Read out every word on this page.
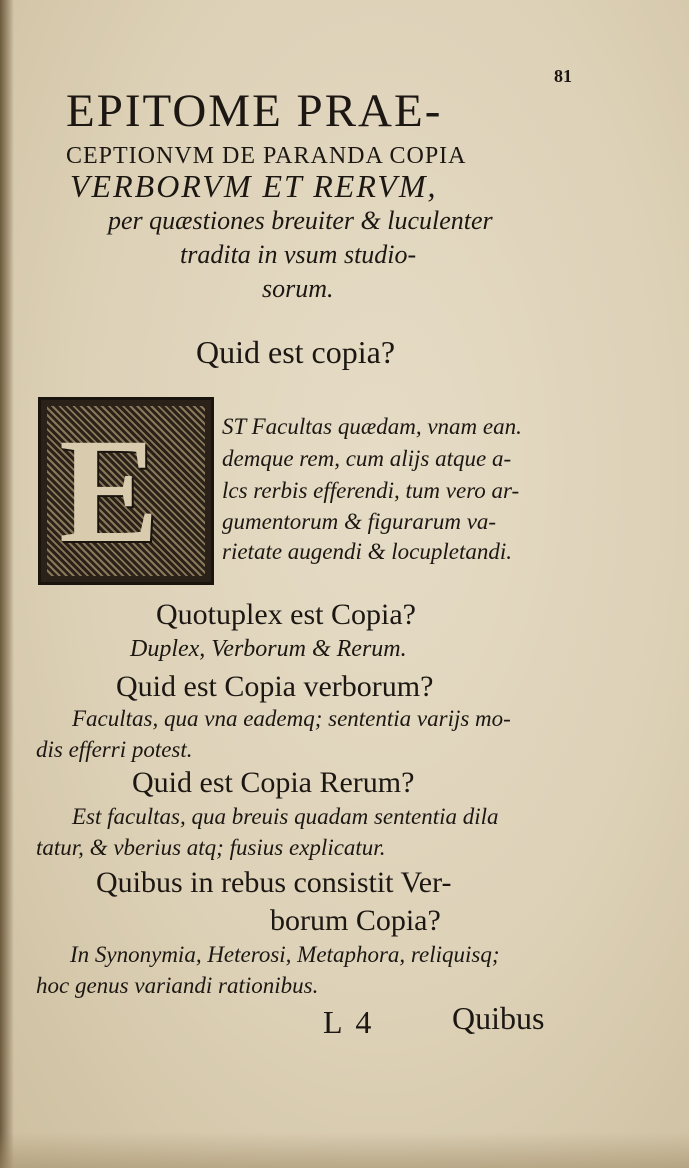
81
EPITOME PRAE-
CEPTIONVM DE PARANDA COPIA
VERBORVM ET RERVM,
per quæstiones breuiter & luculenter
tradita in vsum studio-
sorum.
Quid est copia?
E	ST Facultas quædam, vnam ean.
demque rem, cum alijs atque a-
lcs rerbis efferendi, tum vero ar-
gumentorum & figurarum va-
rietate augendi & locupletandi.
Quotuplex est Copia?
Duplex, Verborum & Rerum.
Quid est Copia verborum?
Facultas, qua vna eademq; sententia varijs mo-
dis efferri potest.
Quid est Copia Rerum?
Est facultas, qua breuis quadam sententia dila
tatur, & vberius atq; fusius explicatur.
Quibus in rebus consistit Ver-
borum Copia?
In Synonymia, Heterosi, Metaphora, reliquisq;
hoc genus variandi rationibus.
L 4 Quibus
